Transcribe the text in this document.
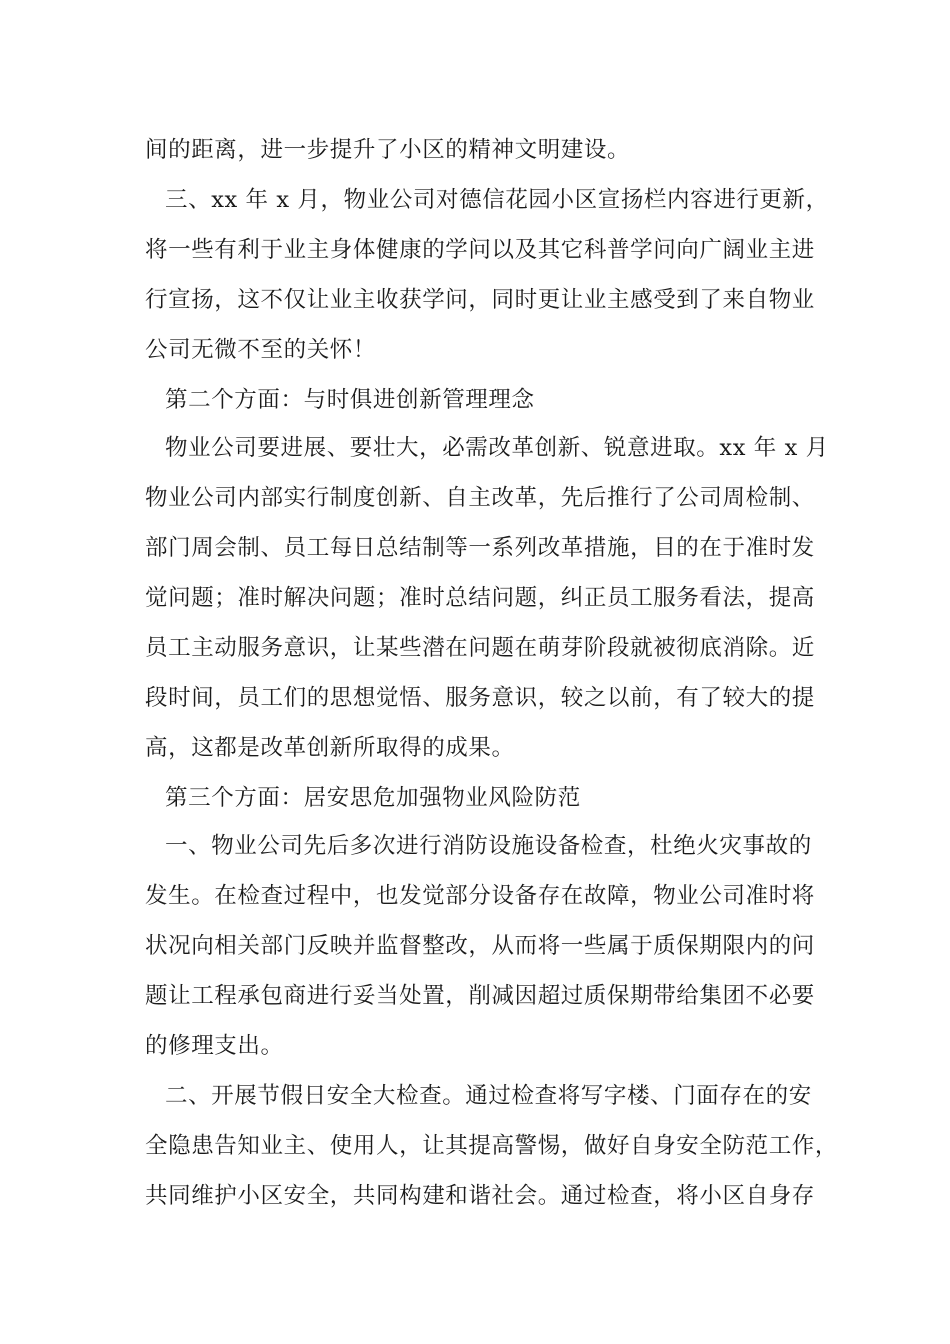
间的距离，进一步提升了小区的精神文明建设。
三、xx 年 x 月，物业公司对德信花园小区宣扬栏内容进行更新，
将一些有利于业主身体健康的学问以及其它科普学问向广阔业主进
行宣扬，这不仅让业主收获学问，同时更让业主感受到了来自物业
公司无微不至的关怀！
第二个方面：与时俱进创新管理理念
物业公司要进展、要壮大，必需改革创新、锐意进取。xx 年 x 月
物业公司内部实行制度创新、自主改革，先后推行了公司周检制、
部门周会制、员工每日总结制等一系列改革措施，目的在于准时发
觉问题；准时解决问题；准时总结问题，纠正员工服务看法，提高
员工主动服务意识，让某些潜在问题在萌芽阶段就被彻底消除。近
段时间，员工们的思想觉悟、服务意识，较之以前，有了较大的提
高，这都是改革创新所取得的成果。
第三个方面：居安思危加强物业风险防范
一、物业公司先后多次进行消防设施设备检查，杜绝火灾事故的
发生。在检查过程中，也发觉部分设备存在故障，物业公司准时将
状况向相关部门反映并监督整改，从而将一些属于质保期限内的问
题让工程承包商进行妥当处置，削减因超过质保期带给集团不必要
的修理支出。
二、开展节假日安全大检查。通过检查将写字楼、门面存在的安
全隐患告知业主、使用人，让其提高警惕，做好自身安全防范工作，
共同维护小区安全，共同构建和谐社会。通过检查，将小区自身存
